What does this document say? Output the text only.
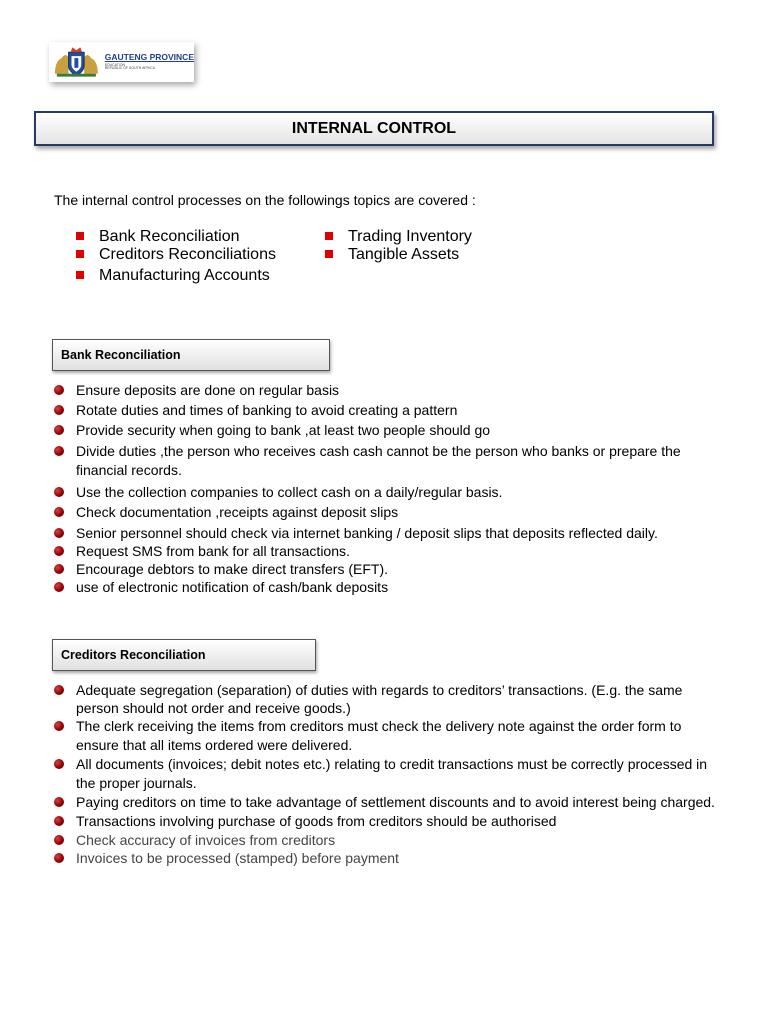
GAUTENG PROVINCE
EDUCATION
REPUBLIC OF SOUTH AFRICA
INTERNAL CONTROL
The internal control processes on the followings topics are covered :
Bank Reconciliation
Creditors Reconciliations
Manufacturing Accounts
Trading Inventory
Tangible Assets
Bank Reconciliation
Ensure deposits are done on regular basis
Rotate duties and times of banking to avoid creating a pattern
Provide security when going to bank ,at least two people should go
Divide duties ,the person who receives cash cash cannot be the person who banks or prepare the financial records.
Use the collection companies to collect cash on a daily/regular basis.
Check documentation ,receipts against deposit slips
Senior personnel should check via internet banking / deposit slips that deposits reflected daily.
Request SMS from bank for all transactions.
Encourage debtors to make direct transfers (EFT).
use of electronic notification of cash/bank deposits
Creditors Reconciliation
Adequate segregation (separation) of duties with regards to creditors’ transactions. (E.g. the same person should not order and receive goods.)
The clerk receiving the items from creditors must check the delivery note against the order form to ensure that all items ordered were delivered.
All documents (invoices; debit notes etc.) relating to credit transactions must be correctly processed in the proper journals.
Paying creditors on time to take advantage of settlement discounts and to avoid interest being charged.
Transactions involving purchase of goods from creditors should be authorised
Check accuracy of invoices from creditors
Invoices to be processed (stamped) before payment
